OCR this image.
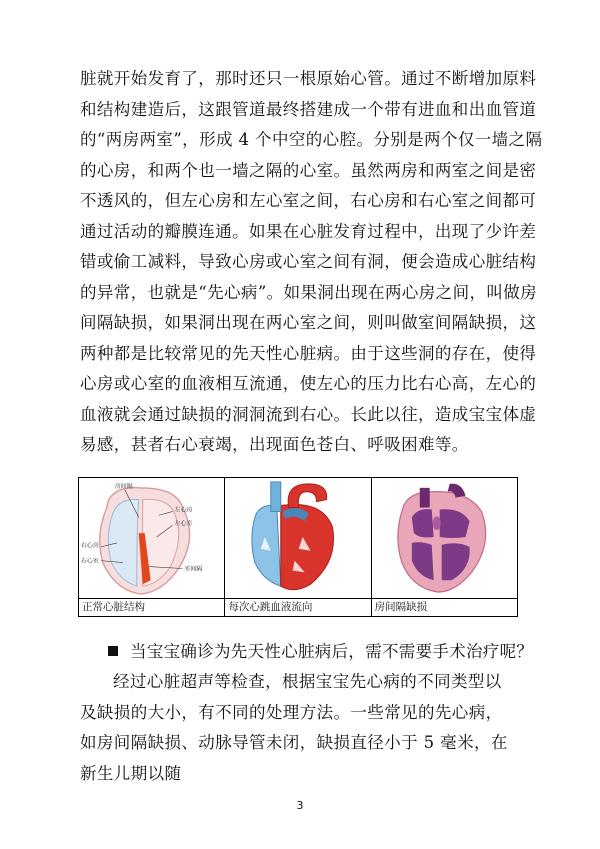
脏就开始发育了，那时还只一根原始心管。通过不断增加原料
和结构建造后，这跟管道最终搭建成一个带有进血和出血管道
的“两房两室”，形成 4 个中空的心腔。分别是两个仅一墙之隔
的心房，和两个也一墙之隔的心室。虽然两房和两室之间是密
不透风的，但左心房和左心室之间，右心房和右心室之间都可
通过活动的瓣膜连通。如果在心脏发育过程中，出现了少许差
错或偷工减料，导致心房或心室之间有洞，便会造成心脏结构
的异常，也就是“先心病”。如果洞出现在两心房之间，叫做房
间隔缺损，如果洞出现在两心室之间，则叫做室间隔缺损，这
两种都是比较常见的先天性心脏病。由于这些洞的存在，使得
心房或心室的血液相互流通，使左心的压力比右心高，左心的
血液就会通过缺损的洞洞流到右心。长此以往，造成宝宝体虚
易感，甚者右心衰竭，出现面色苍白、呼吸困难等。
房间隔
左心房
左心室
右心房
右心室
室间隔
正常心脏结构	每次心跳血液流向	房间隔缺损
当宝宝确诊为先天性心脏病后，需不需要手术治疗呢？

经过心脏超声等检查，根据宝宝先心病的不同类型以及缺损的大小，有不同的处理方法。一些常见的先心病，如房间隔缺损、动脉导管未闭，缺损直径小于 5 毫米，在新生儿期以随

3
